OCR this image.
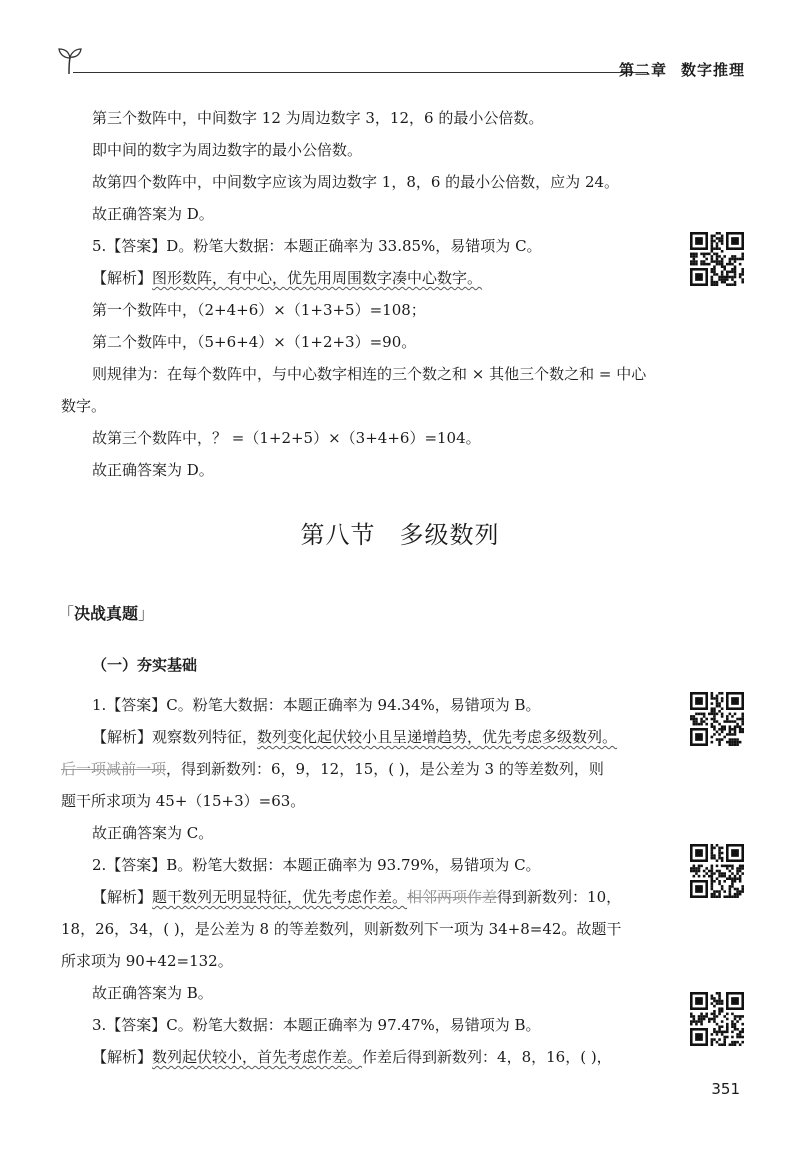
第二章 数字推理
第三个数阵中，中间数字 12 为周边数字 3，12，6 的最小公倍数。
即中间的数字为周边数字的最小公倍数。
故第四个数阵中，中间数字应该为周边数字 1，8，6 的最小公倍数，应为 24。
故正确答案为 D。
5.【答案】D。粉笔大数据：本题正确率为 33.85%，易错项为 C。
【解析】图形数阵，有中心，优先用周围数字凑中心数字。
第一个数阵中，（2+4+6）×（1+3+5）=108；
第二个数阵中，（5+6+4）×（1+2+3）=90。
则规律为：在每个数阵中，与中心数字相连的三个数之和 × 其他三个数之和 = 中心
数字。
故第三个数阵中，？ =（1+2+5）×（3+4+6）=104。
故正确答案为 D。
第八节 多级数列
「决战真题」
（一）夯实基础
1.【答案】C。粉笔大数据：本题正确率为 94.34%，易错项为 B。
【解析】观察数列特征，数列变化起伏较小且呈递增趋势，优先考虑多级数列。
后一项减前一项，得到新数列：6，9，12，15，( )，是公差为 3 的等差数列，则
题干所求项为 45+（15+3）=63。
故正确答案为 C。
2.【答案】B。粉笔大数据：本题正确率为 93.79%，易错项为 C。
【解析】题干数列无明显特征，优先考虑作差。相邻两项作差得到新数列：10，
18，26，34，( )，是公差为 8 的等差数列，则新数列下一项为 34+8=42。故题干
所求项为 90+42=132。
故正确答案为 B。
3.【答案】C。粉笔大数据：本题正确率为 97.47%，易错项为 B。
【解析】数列起伏较小，首先考虑作差。作差后得到新数列：4，8，16，( )，
351
